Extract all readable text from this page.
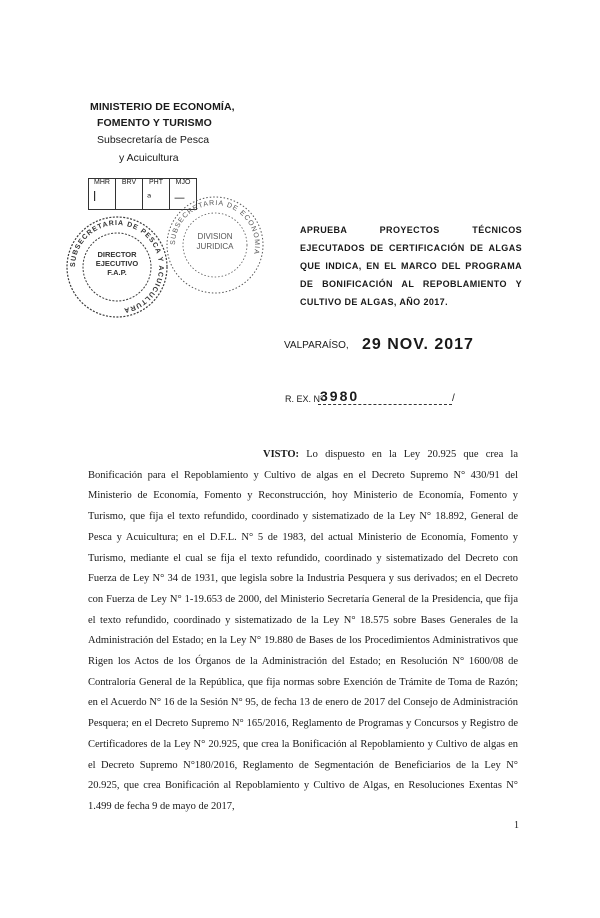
MINISTERIO DE ECONOMÍA,
FOMENTO Y TURISMO
Subsecretaría de Pesca
y Acuicultura
MHR
ꟾ
BRV	PHT
ᵃ
MJO
—
SUBSECRETARIA DE PESCA Y ACUICULTURA
DIRECTOR EJECUTIVO F.A.P.
SUBSECRETARIA DE ECONOMIA
DIVISION JURIDICA
APRUEBA PROYECTOS TÉCNICOS EJECUTADOS DE CERTIFICACIÓN DE ALGAS QUE INDICA, EN EL MARCO DEL PROGRAMA DE BONIFICACIÓN AL REPOBLAMIENTO Y CULTIVO DE ALGAS, AÑO 2017.
VALPARAÍSO, 29 NOV. 2017
R. EX. N°
3980	/
VISTO: Lo dispuesto en la Ley 20.925 que crea la Bonificación para el Repoblamiento y Cultivo de algas en el Decreto Supremo N° 430/91 del Ministerio de Economía, Fomento y Reconstrucción, hoy Ministerio de Economía, Fomento y Turismo, que fija el texto refundido, coordinado y sistematizado de la Ley N° 18.892, General de Pesca y Acuicultura; en el D.F.L. N° 5 de 1983, del actual Ministerio de Economía, Fomento y Turismo, mediante el cual se fija el texto refundido, coordinado y sistematizado del Decreto con Fuerza de Ley N° 34 de 1931, que legisla sobre la Industria Pesquera y sus derivados; en el Decreto con Fuerza de Ley N° 1-19.653 de 2000, del Ministerio Secretaría General de la Presidencia, que fija el texto refundido, coordinado y sistematizado de la Ley N° 18.575 sobre Bases Generales de la Administración del Estado; en la Ley N° 19.880 de Bases de los Procedimientos Administrativos que Rigen los Actos de los Órganos de la Administración del Estado; en Resolución N° 1600/08 de Contraloría General de la República, que fija normas sobre Exención de Trámite de Toma de Razón; en el Acuerdo N° 16 de la Sesión N° 95, de fecha 13 de enero de 2017 del Consejo de Administración Pesquera; en el Decreto Supremo N° 165/2016, Reglamento de Programas y Concursos y Registro de Certificadores de la Ley N° 20.925, que crea la Bonificación al Repoblamiento y Cultivo de algas en el Decreto Supremo N°180/2016, Reglamento de Segmentación de Beneficiarios de la Ley N° 20.925, que crea Bonificación al Repoblamiento y Cultivo de Algas, en Resoluciones Exentas N° 1.499 de fecha 9 de mayo de 2017,
1
